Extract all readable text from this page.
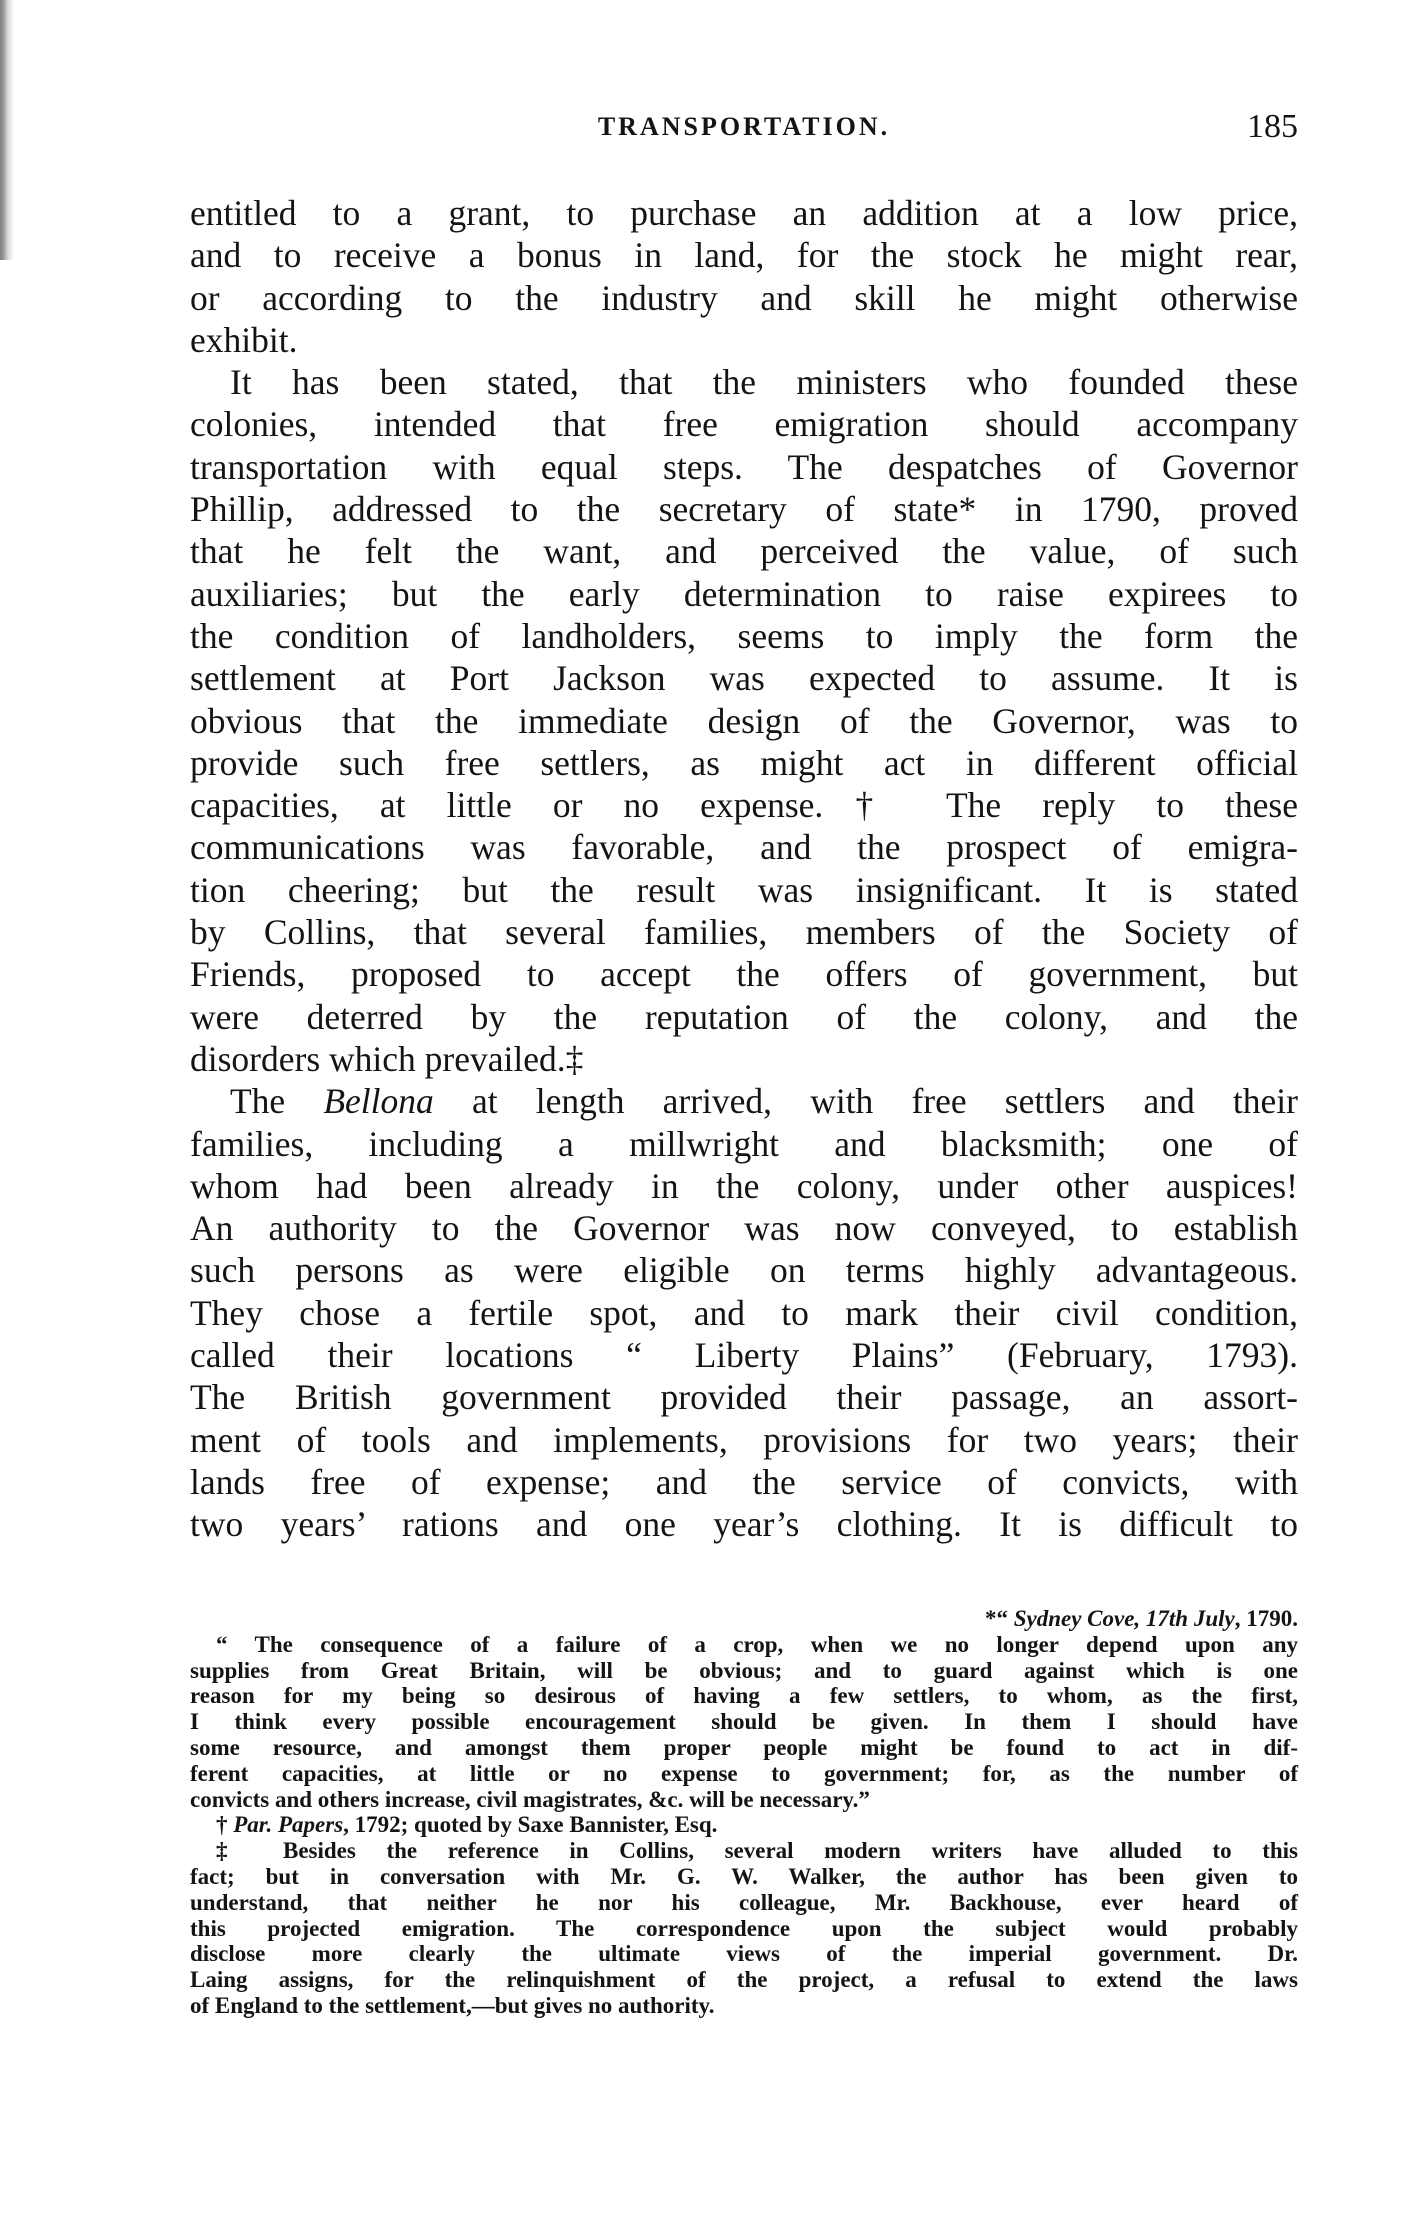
TRANSPORTATION.	185
entitled to a grant, to purchase an addition at a low price,
and to receive a bonus in land, for the stock he might rear,
or according to the industry and skill he might otherwise
exhibit.
It has been stated, that the ministers who founded these
colonies, intended that free emigration should accompany
transportation with equal steps. The despatches of Governor
Phillip, addressed to the secretary of state* in 1790, proved
that he felt the want, and perceived the value, of such
auxiliaries; but the early determination to raise expirees to
the condition of landholders, seems to imply the form the
settlement at Port Jackson was expected to assume. It is
obvious that the immediate design of the Governor, was to
provide such free settlers, as might act in different official
capacities, at little or no expense.† The reply to these
communications was favorable, and the prospect of emigra-
tion cheering; but the result was insignificant. It is stated
by Collins, that several families, members of the Society of
Friends, proposed to accept the offers of government, but
were deterred by the reputation of the colony, and the
disorders which prevailed.‡
The Bellona at length arrived, with free settlers and their
families, including a millwright and blacksmith; one of
whom had been already in the colony, under other auspices!
An authority to the Governor was now conveyed, to establish
such persons as were eligible on terms highly advantageous.
They chose a fertile spot, and to mark their civil condition,
called their locations “ Liberty Plains” (February, 1793).
The British government provided their passage, an assort-
ment of tools and implements, provisions for two years; their
lands free of expense; and the service of convicts, with
two years’ rations and one year’s clothing. It is difficult to
*“ Sydney Cove, 17th July, 1790.
“ The consequence of a failure of a crop, when we no longer depend upon any
supplies from Great Britain, will be obvious; and to guard against which is one
reason for my being so desirous of having a few settlers, to whom, as the first,
I think every possible encouragement should be given. In them I should have
some resource, and amongst them proper people might be found to act in dif-
ferent capacities, at little or no expense to government; for, as the number of
convicts and others increase, civil magistrates, &c. will be necessary.”
† Par. Papers, 1792; quoted by Saxe Bannister, Esq.
‡ Besides the reference in Collins, several modern writers have alluded to this
fact; but in conversation with Mr. G. W. Walker, the author has been given to
understand, that neither he nor his colleague, Mr. Backhouse, ever heard of
this projected emigration. The correspondence upon the subject would probably
disclose more clearly the ultimate views of the imperial government. Dr.
Laing assigns, for the relinquishment of the project, a refusal to extend the laws
of England to the settlement,—but gives no authority.
